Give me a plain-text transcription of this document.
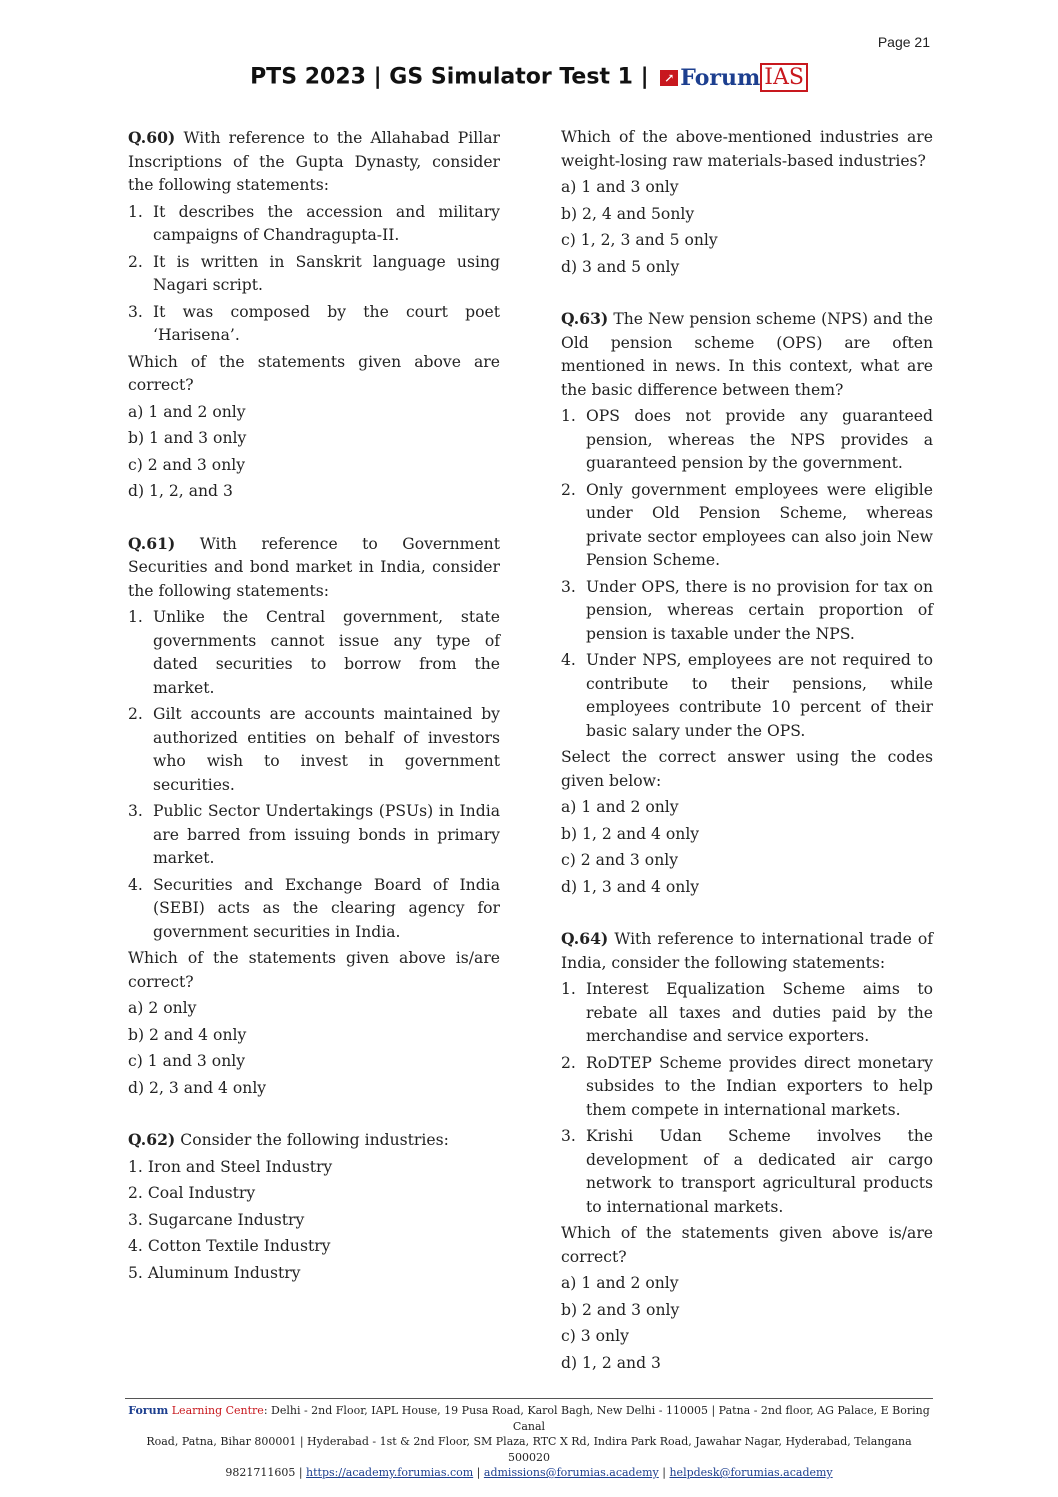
Page 21
PTS 2023 | GS Simulator Test 1 | ↗ Forum IAS

Q.60) With reference to the Allahabad Pillar Inscriptions of the Gupta Dynasty, consider the following statements:

1. It describes the accession and military campaigns of Chandragupta-II.
2. It is written in Sanskrit language using Nagari script.
3. It was composed by the court poet ‘Harisena’.

Which of the statements given above are correct?

a) 1 and 2 only
b) 1 and 3 only
c) 2 and 3 only
d) 1, 2, and 3

Q.61) With reference to Government Securities and bond market in India, consider the following statements:

1. Unlike the Central government, state governments cannot issue any type of dated securities to borrow from the market.
2. Gilt accounts are accounts maintained by authorized entities on behalf of investors who wish to invest in government securities.
3. Public Sector Undertakings (PSUs) in India are barred from issuing bonds in primary market.
4. Securities and Exchange Board of India (SEBI) acts as the clearing agency for government securities in India.

Which of the statements given above is/are correct?

a) 2 only
b) 2 and 4 only
c) 1 and 3 only
d) 2, 3 and 4 only

Q.62) Consider the following industries:

1. Iron and Steel Industry
2. Coal Industry
3. Sugarcane Industry
4. Cotton Textile Industry
5. Aluminum Industry

Which of the above-mentioned industries are weight-losing raw materials-based industries?

a) 1 and 3 only
b) 2, 4 and 5only
c) 1, 2, 3 and 5 only
d) 3 and 5 only

Q.63) The New pension scheme (NPS) and the Old pension scheme (OPS) are often mentioned in news. In this context, what are the basic difference between them?

1. OPS does not provide any guaranteed pension, whereas the NPS provides a guaranteed pension by the government.
2. Only government employees were eligible under Old Pension Scheme, whereas private sector employees can also join New Pension Scheme.
3. Under OPS, there is no provision for tax on pension, whereas certain proportion of pension is taxable under the NPS.
4. Under NPS, employees are not required to contribute to their pensions, while employees contribute 10 percent of their basic salary under the OPS.

Select the correct answer using the codes given below:

a) 1 and 2 only
b) 1, 2 and 4 only
c) 2 and 3 only
d) 1, 3 and 4 only

Q.64) With reference to international trade of India, consider the following statements:

1. Interest Equalization Scheme aims to rebate all taxes and duties paid by the merchandise and service exporters.
2. RoDTEP Scheme provides direct monetary subsides to the Indian exporters to help them compete in international markets.
3. Krishi Udan Scheme involves the development of a dedicated air cargo network to transport agricultural products to international markets.

Which of the statements given above is/are correct?

a) 1 and 2 only
b) 2 and 3 only
c) 3 only
d) 1, 2 and 3
Forum Learning Centre: Delhi - 2nd Floor, IAPL House, 19 Pusa Road, Karol Bagh, New Delhi - 110005 | Patna - 2nd floor, AG Palace, E Boring Canal
Road, Patna, Bihar 800001 | Hyderabad - 1st & 2nd Floor, SM Plaza, RTC X Rd, Indira Park Road, Jawahar Nagar, Hyderabad, Telangana 500020
9821711605 | https://academy.forumias.com | admissions@forumias.academy | helpdesk@forumias.academy
